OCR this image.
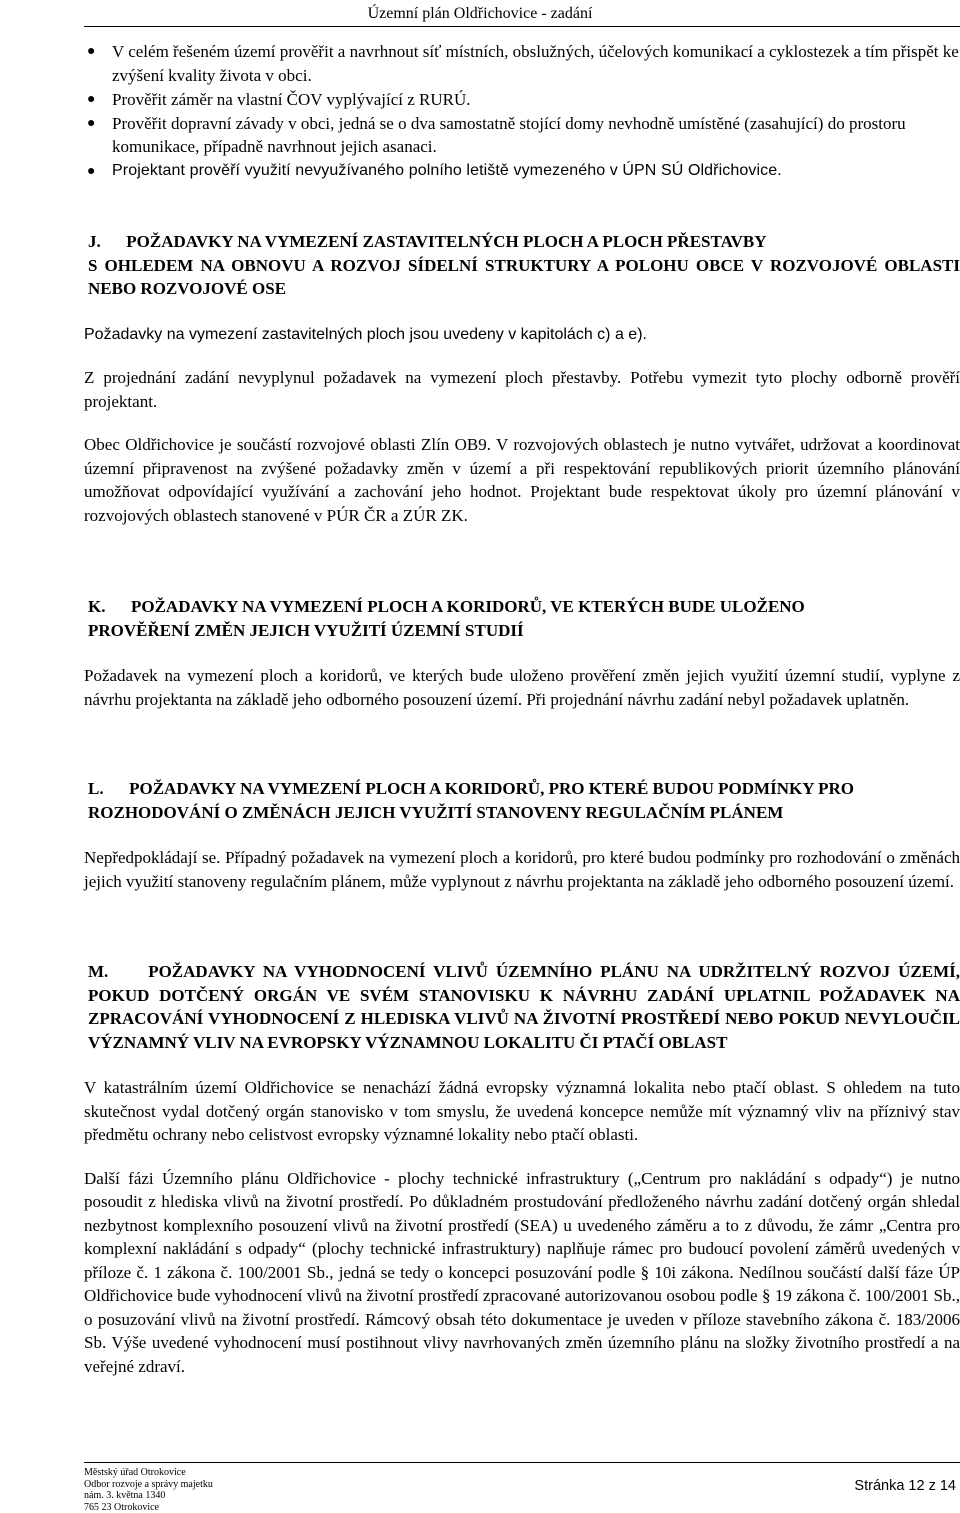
Územní plán Oldřichovice - zadání
● V celém řešeném území prověřit a navrhnout síť místních, obslužných, účelových komunikací a cyklostezek a tím přispět ke zvýšení kvality života v obci.
● Prověřit záměr na vlastní ČOV vyplývající z RURÚ.
● Prověřit dopravní závady v obci, jedná se o dva samostatně stojící domy nevhodně umístěné (zasahující) do prostoru komunikace, případně navrhnout jejich asanaci.
● Projektant prověří využití nevyužívaného polního letiště vymezeného v ÚPN SÚ Oldřichovice.
J. POŽADAVKY NA VYMEZENÍ ZASTAVITELNÝCH PLOCH A PLOCH PŘESTAVBY
S OHLEDEM NA OBNOVU A ROZVOJ SÍDELNÍ STRUKTURY A POLOHU OBCE V ROZVOJOVÉ OBLASTI NEBO ROZVOJOVÉ OSE

Požadavky na vymezení zastavitelných ploch jsou uvedeny v kapitolách c) a e).

Z projednání zadání nevyplynul požadavek na vymezení ploch přestavby. Potřebu vymezit tyto plochy odborně prověří projektant.

Obec Oldřichovice je součástí rozvojové oblasti Zlín OB9. V rozvojových oblastech je nutno vytvářet, udržovat a koordinovat územní připravenost na zvýšené požadavky změn v území a při respektování republikových priorit územního plánování umožňovat odpovídající využívání a zachování jeho hodnot. Projektant bude respektovat úkoly pro územní plánování v rozvojových oblastech stanovené v PÚR ČR a ZÚR ZK.

K. POŽADAVKY NA VYMEZENÍ PLOCH A KORIDORŮ, VE KTERÝCH BUDE ULOŽENO
PROVĚŘENÍ ZMĚN JEJICH VYUŽITÍ ÚZEMNÍ STUDIÍ

Požadavek na vymezení ploch a koridorů, ve kterých bude uloženo prověření změn jejich využití územní studií, vyplyne z návrhu projektanta na základě jeho odborného posouzení území. Při projednání návrhu zadání nebyl požadavek uplatněn.

L. POŽADAVKY NA VYMEZENÍ PLOCH A KORIDORŮ, PRO KTERÉ BUDOU PODMÍNKY PRO
ROZHODOVÁNÍ O ZMĚNÁCH JEJICH VYUŽITÍ STANOVENY REGULAČNÍM PLÁNEM

Nepředpokládají se. Případný požadavek na vymezení ploch a koridorů, pro které budou podmínky pro rozhodování o změnách jejich využití stanoveny regulačním plánem, může vyplynout z návrhu projektanta na základě jeho odborného posouzení území.

M. POŽADAVKY NA VYHODNOCENÍ VLIVŮ ÚZEMNÍHO PLÁNU NA UDRŽITELNÝ ROZVOJ ÚZEMÍ, POKUD DOTČENÝ ORGÁN VE SVÉM STANOVISKU K NÁVRHU ZADÁNÍ UPLATNIL POŽADAVEK NA ZPRACOVÁNÍ VYHODNOCENÍ Z HLEDISKA VLIVŮ NA ŽIVOTNÍ PROSTŘEDÍ NEBO POKUD NEVYLOUČIL VÝZNAMNÝ VLIV NA EVROPSKY VÝZNAMNOU LOKALITU ČI PTAČÍ OBLAST

V katastrálním území Oldřichovice se nenachází žádná evropsky významná lokalita nebo ptačí oblast. S ohledem na tuto skutečnost vydal dotčený orgán stanovisko v tom smyslu, že uvedená koncepce nemůže mít významný vliv na příznivý stav předmětu ochrany nebo celistvost evropsky významné lokality nebo ptačí oblasti.

Další fázi Územního plánu Oldřichovice - plochy technické infrastruktury („Centrum pro nakládání s odpady“) je nutno posoudit z hlediska vlivů na životní prostředí. Po důkladném prostudování předloženého návrhu zadání dotčený orgán shledal nezbytnost komplexního posouzení vlivů na životní prostředí (SEA) u uvedeného záměru a to z důvodu, že zámr „Centra pro komplexní nakládání s odpady“ (plochy technické infrastruktury) naplňuje rámec pro budoucí povolení záměrů uvedených v příloze č. 1 zákona č. 100/2001 Sb., jedná se tedy o koncepci posuzování podle § 10i zákona. Nedílnou součástí další fáze ÚP Oldřichovice bude vyhodnocení vlivů na životní prostředí zpracované autorizovanou osobou podle § 19 zákona č. 100/2001 Sb., o posuzování vlivů na životní prostředí. Rámcový obsah této dokumentace je uveden v příloze stavebního zákona č. 183/2006 Sb. Výše uvedené vyhodnocení musí postihnout vlivy navrhovaných změn územního plánu na složky životního prostředí a na veřejné zdraví.

Městský úřad Otrokovice
Odbor rozvoje a správy majetku
nám. 3. května 1340
765 23 Otrokovice
Stránka 12 z 14
